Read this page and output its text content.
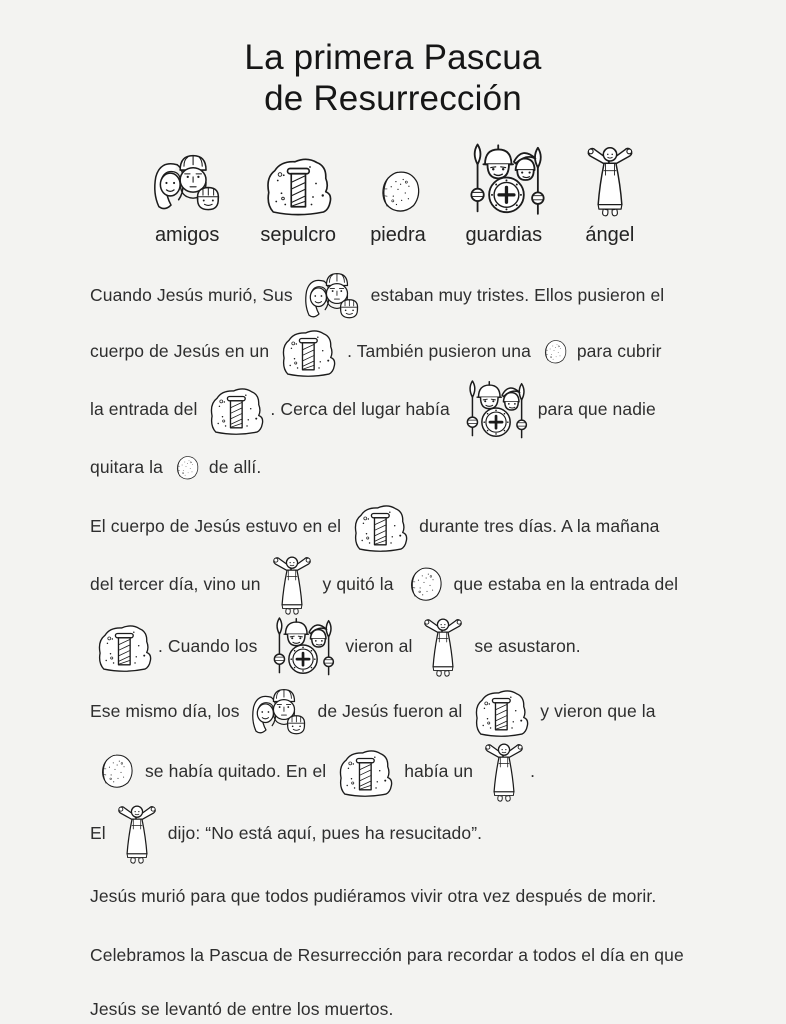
La primera Pascua
de Resurrección
amigos sepulcro piedra guardias ángel
Cuando Jesús murió, Sus	estaban muy tristes. Ellos pusieron el
cuerpo de Jesús en un	. También pusieron una para cubrir
la entrada del	. Cerca del lugar había	para que nadie
quitara la de allí.
El cuerpo de Jesús estuvo en el	durante tres días. A la mañana
del tercer día, vino un	y quitó la	que estaba en la entrada del
. Cuando los	vieron al	se asustaron.
Ese mismo día, los	de Jesús fueron al	y vieron que la
se había quitado. En el	había un	.
El	dijo: “No está aquí, pues ha resucitado”.
Jesús murió para que todos pudiéramos vivir otra vez después de morir.
Celebramos la Pascua de Resurrección para recordar a todos el día en que
Jesús se levantó de entre los muertos.
